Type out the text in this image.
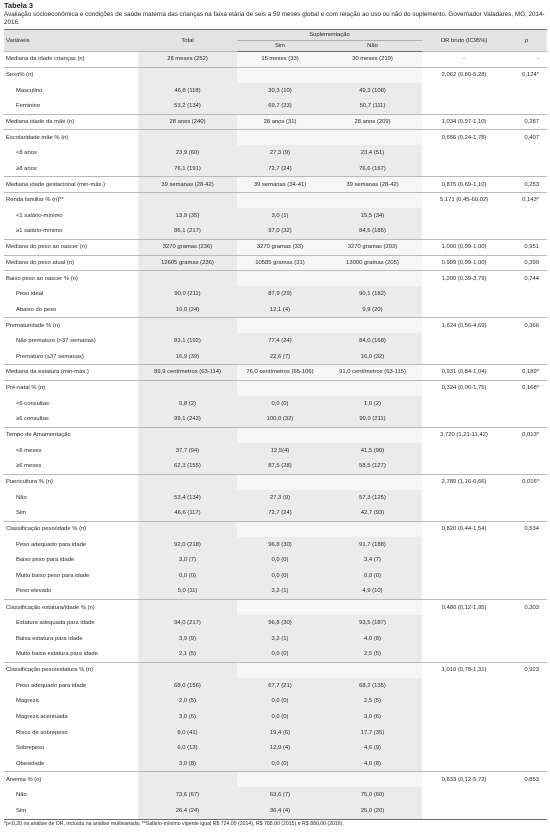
Tabela 3
Avaliação socioeconômica e condições de saúde materna das crianças na faixa etária de seis a 59 meses global e com relação ao uso ou não do suplemento. Governador Valadares, MG, 2014-2016.
Variáveis	Total	Suplementação		OR bruto (IC95%)	p
		Sim	Não		
Mediana da idade crianças (n)	28 meses (252)	15 meses (33)	30 meses (219)	-	-
Sexo% (n)				2,062 (0,80-5,28)	0,124*
Masculino	46,8 (118)	30,3 (10)	49,3 (108)		
Feminino	53,2 (134)	69,7 (23)	50,7 (111)		
Mediana idade da mãe (n)	28 anos (240)	28 anos (31)	28 anos (209)	1,034 (0,97-1,10)	0,287
Escolaridade mãe % (n)				0,656 (0,24-1,78)	0,407
<8 anos	23,9 (60)	27,3 (9)	23,4 (51)		
≥8 anos	76,1 (191)	72,7 (24)	76,6 (167)		
Mediana idade gestacional (min-máx.)	39 semanas (28-42)	39 semanas (34-41)	39 semanas (28-42)	0,875 (0,69-1,10)	0,253
Renda familiar % (n)**				5,171 (0,45-60,02)	0,143*
<1 salário-mínimo	13,9 (35)	3,0 (1)	15,5 (34)		
≥1 salário-mínimo	86,1 (217)	97,0 (32)	84,5 (185)		
Mediana do peso ao nascer (n)	3270 gramas (236)	3270 gramas (33)	3270 gramas (203)	1,000 (0,99-1,00)	0,951
Mediana do peso atual (n)	12605 gramas (236)	10585 gramas (31)	13000 gramas (205)	0,999 (0,99-1,00)	0,399
Baixo peso ao nascer % (n)				1,200 (0,39-3,79)	0,744
Peso ideal	90,0 (211)	87,9 (29)	90,1 (182)		
Abaixo do peso	10,0 (24)	12,1 (4)	9,9 (20)		
Prematuridade % (n)				1,624 (0,56-4,69)	0,366
Não prematuro (>37 semanas)	83,1 (192)	77,4 (24)	84,0 (168)		
Prematuro (≤37 semanas)	16,9 (39)	22,6 (7)	16,0 (32)		
Mediana da estatura (min-máx.)	89,9 centímetros (63-114)	76,0 centímetros (65-106)	91,0 centímetros (63-115)	0,931 (0,84-1,04)	0,189*
Pré-natal % (n)				0,324 (0,06-1,75)	0,168*
<6 consultas	0,8 (2)	0,0 (0)	1,0 (2)		
≥6 consultas	99,1 (243)	100,0 (32)	99,0 (211)		
Tempo de Amamentação				3,720 (1,21-11,42)	0,013*
<6 meses	37,7 (94)	12,5(4)	41,5 (90)		
≥6 meses	62,3 (155)	87,5 (28)	58,5 (127)		
Puericultura % (n)				2,780 (1,16-6,66)	0,016*
Não	53,4 (134)	27,3 (9)	57,3 (125)		
Sim	46,6 (117)	72,7 (24)	42,7 (93)		
Classificação peso/idade % (n)				0,820 (0,44-1,54)	0,534
Peso adequado para idade	92,0 (218)	96,8 (30)	91,7 (188)		
Baixo peso para idade	3,0 (7)	0,0 (0)	3,4 (7)		
Muito baixo peso para idade	0,0 (0)	0,0 (0)	0,0 (0)		
Peso elevado	5,0 (11)	3,2 (1)	4,9 (10)		
Classificação estatura/idade % (n)				0,480 (0,12-1,95)	0,303
Estatura adequada para idade	94,0 (217)	96,8 (30)	93,5 (187)		
Baixa estatura para idade	3,9 (9)	3,2 (1)	4,0 (8)		
Muito baixa estatura para idade	2,1 (5)	0,0 (0)	2,5 (5)		
Classificação peso/estatura % (n)				1,010 (0,78-1,31)	0,923
Peso adequado para idade	68,0 (156)	67,7 (21)	68,2 (135)		
Magreza	2,0 (5)	0,0 (0)	2,5 (5)		
Magreza acentuada	3,0 (6)	0,0 (0)	3,0 (6)		
Risco de sobrepeso	8,0 (41)	19,4 (6)	17,7 (35)		
Sobrepeso	6,0 (13)	12,9 (4)	4,6 (9)		
Obesidade	3,0 (8)	0,0 (0)	4,0 (8)		
Anemia % (n)				0,833 (0,12-5,72)	0,853
Não	73,6 (67)	63,6 (7)	75,0 (60)		
Sim	26,4 (24)	36,4 (4)	25,0 (20)		
*p<0,20 na análise de OR, incluída na análise multivariada; **Salário-mínimo vigente igual R$ 724,00 (2014), R$ 788,00 (2015) e R$ 880,00 (2016).
